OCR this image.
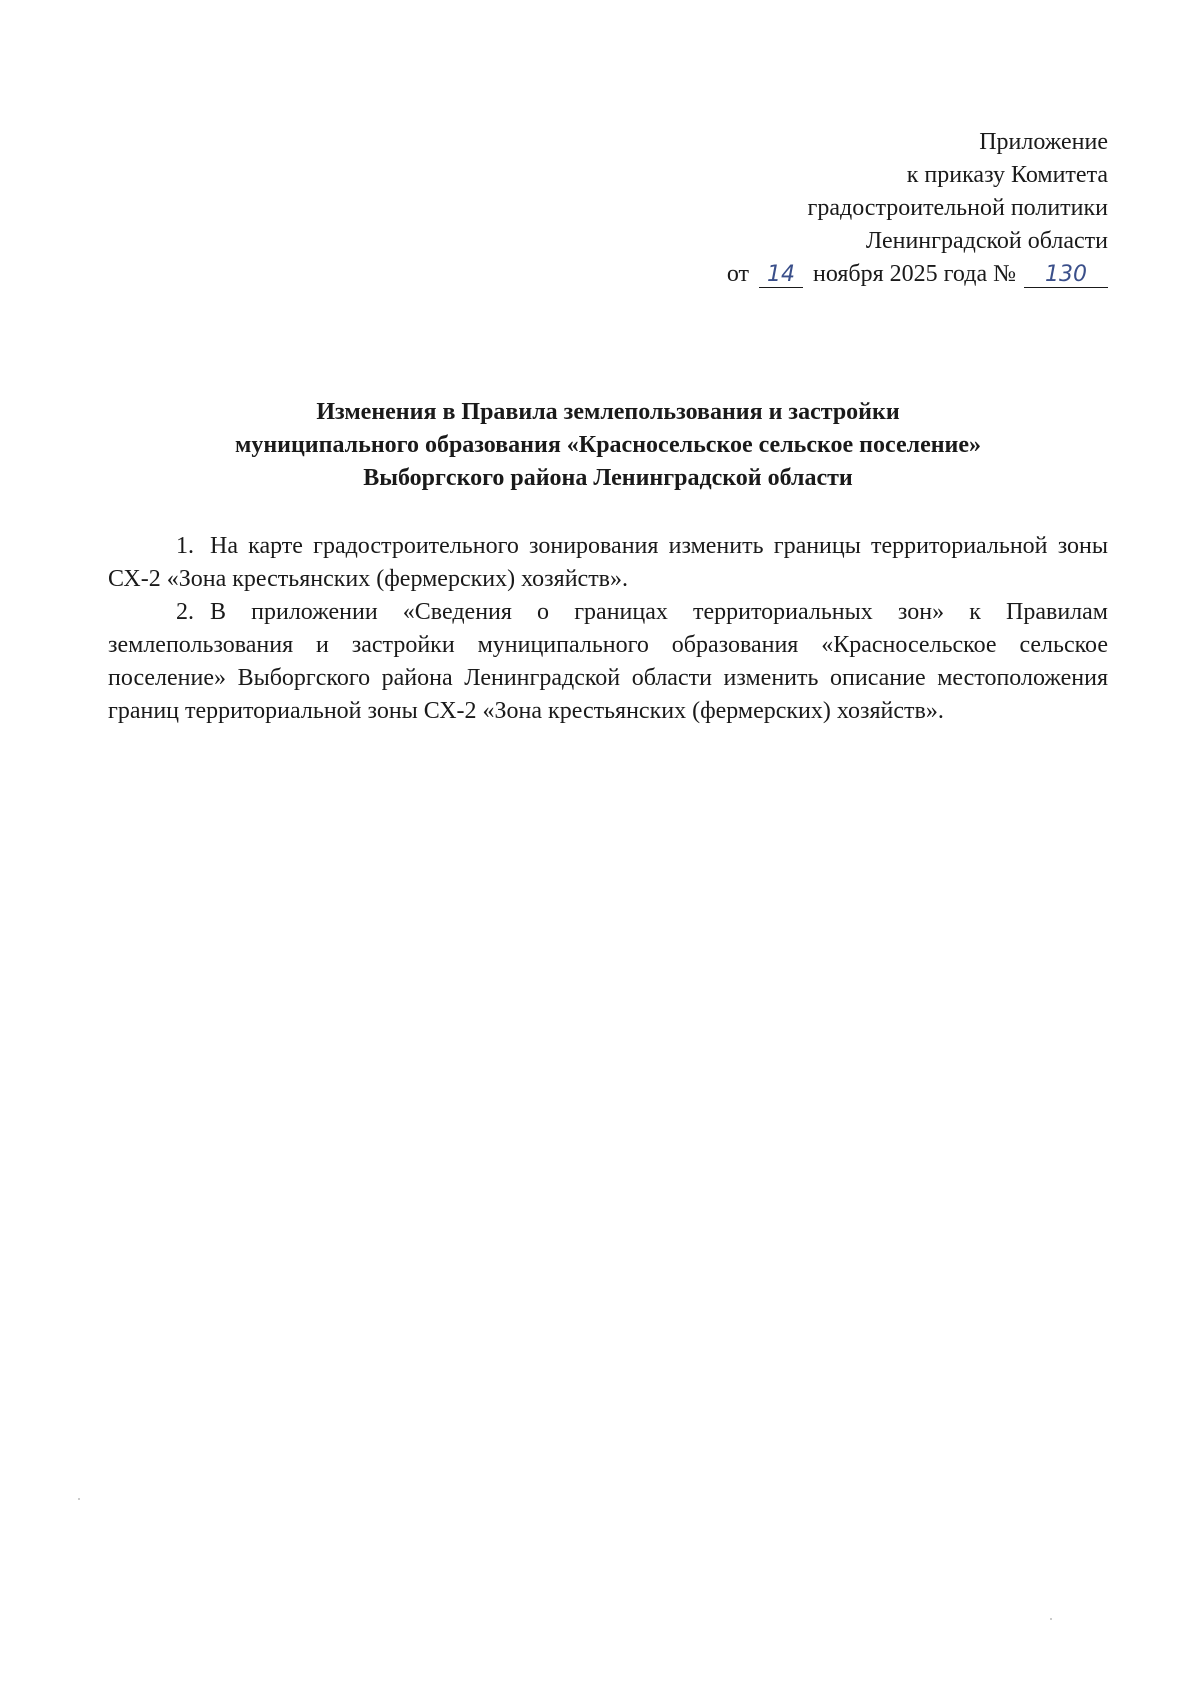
Приложение
к приказу Комитета
градостроительной политики
Ленинградской области
от 14 ноября 2025 года № 130
Изменения в Правила землепользования и застройки
муниципального образования «Красносельское сельское поселение»
Выборгского района Ленинградской области

1. На карте градостроительного зонирования изменить границы территориальной зоны СХ-2 «Зона крестьянских (фермерских) хозяйств».

2. В приложении «Сведения о границах территориальных зон» к Правилам землепользования и застройки муниципального образования «Красносельское сельское поселение» Выборгского района Ленинградской области изменить описание местоположения границ территориальной зоны СХ-2 «Зона крестьянских (фермерских) хозяйств».
